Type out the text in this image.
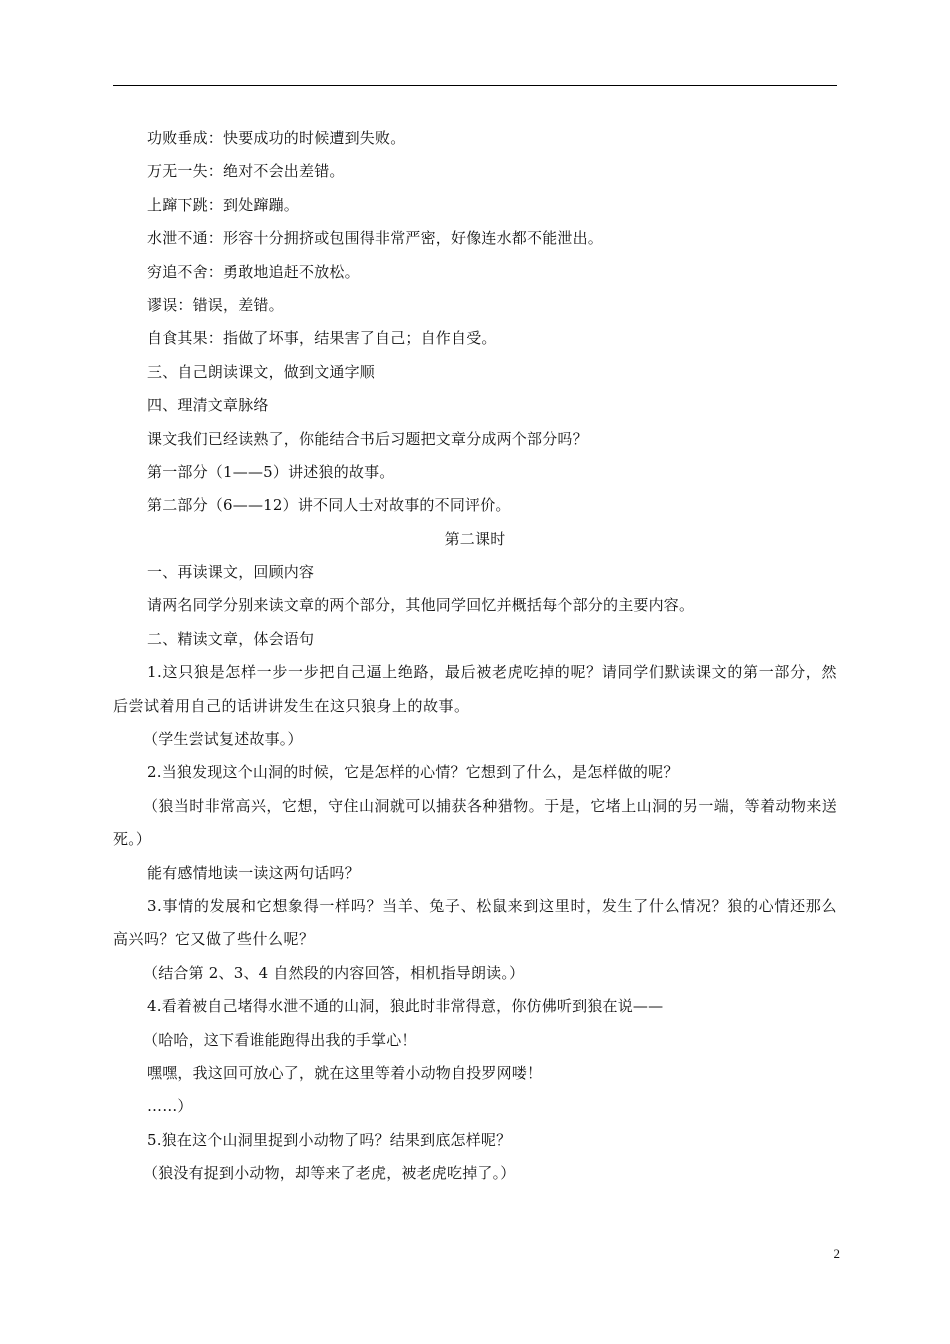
功败垂成：快要成功的时候遭到失败。
万无一失：绝对不会出差错。
上蹿下跳：到处蹿蹦。
水泄不通：形容十分拥挤或包围得非常严密，好像连水都不能泄出。
穷追不舍：勇敢地追赶不放松。
谬误：错误，差错。
自食其果：指做了坏事，结果害了自己；自作自受。
三、自己朗读课文，做到文通字顺
四、理清文章脉络
课文我们已经读熟了，你能结合书后习题把文章分成两个部分吗？
第一部分（1——5）讲述狼的故事。
第二部分（6——12）讲不同人士对故事的不同评价。
第二课时
一、再读课文，回顾内容
请两名同学分别来读文章的两个部分，其他同学回忆并概括每个部分的主要内容。
二、精读文章，体会语句
1.这只狼是怎样一步一步把自己逼上绝路，最后被老虎吃掉的呢？请同学们默读课文的第一部分，然后尝试着用自己的话讲讲发生在这只狼身上的故事。
（学生尝试复述故事。）
2.当狼发现这个山洞的时候，它是怎样的心情？它想到了什么，是怎样做的呢？
（狼当时非常高兴，它想，守住山洞就可以捕获各种猎物。于是，它堵上山洞的另一端，等着动物来送死。）
能有感情地读一读这两句话吗？
3.事情的发展和它想象得一样吗？当羊、兔子、松鼠来到这里时，发生了什么情况？狼的心情还那么高兴吗？它又做了些什么呢？
（结合第 2、3、4 自然段的内容回答，相机指导朗读。）
4.看着被自己堵得水泄不通的山洞，狼此时非常得意，你仿佛听到狼在说——
（哈哈，这下看谁能跑得出我的手掌心！
嘿嘿，我这回可放心了，就在这里等着小动物自投罗网喽！
……）
5.狼在这个山洞里捉到小动物了吗？结果到底怎样呢？
（狼没有捉到小动物，却等来了老虎，被老虎吃掉了。）
2
